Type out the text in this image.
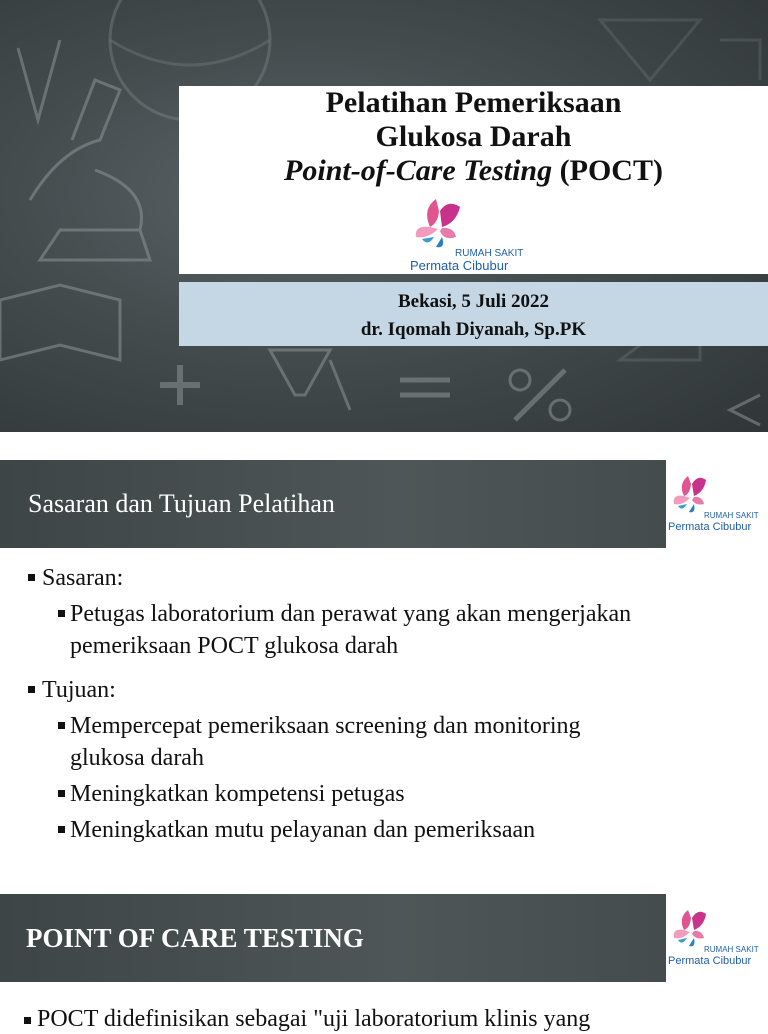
Pelatihan Pemeriksaan
Glukosa Darah
Point-of-Care Testing (POCT)
RUMAH SAKIT
Permata Cibubur
Bekasi, 5 Juli 2022
dr. Iqomah Diyanah, Sp.PK
Sasaran dan Tujuan Pelatihan	RUMAH SAKIT
Permata Cibubur
Sasaran:
Petugas laboratorium dan perawat yang akan mengerjakan
pemeriksaan POCT glukosa darah
Tujuan:
Mempercepat pemeriksaan screening dan monitoring
glukosa darah
Meningkatkan kompetensi petugas
Meningkatkan mutu pelayanan dan pemeriksaan
POINT OF CARE TESTING	RUMAH SAKIT
Permata Cibubur
POCT didefinisikan sebagai "uji laboratorium klinis yang
